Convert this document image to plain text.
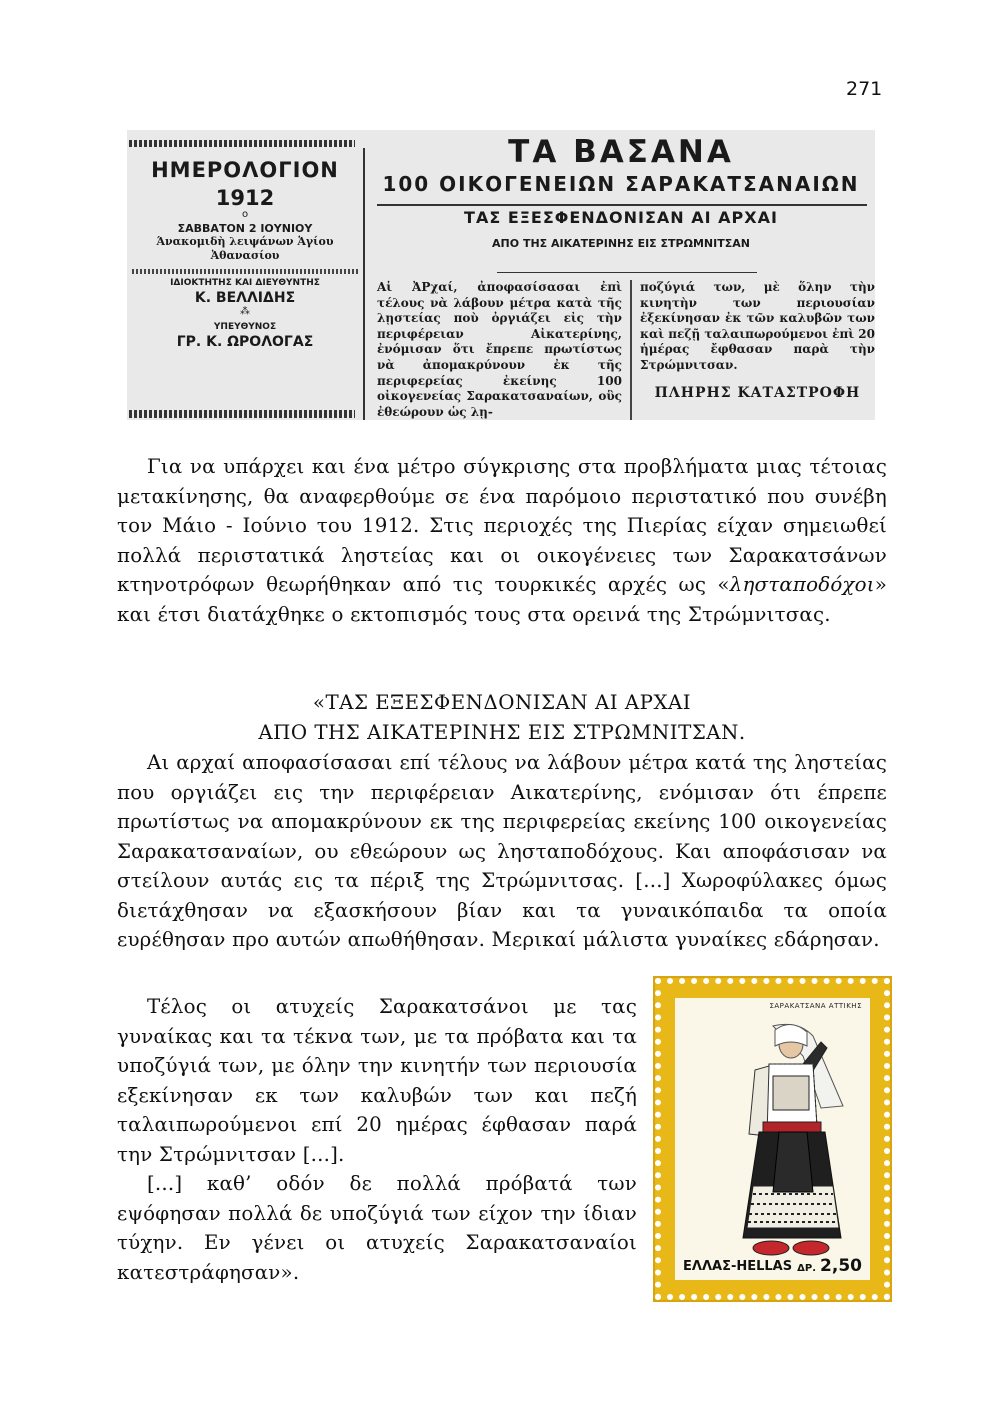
271
ΗΜΕΡΟΛΟΓΙΟΝ
1912
ο
ΣΑΒΒΑΤΟΝ 2 ΙΟΥΝΙΟΥ
Άνακομιδὴ λειψάνων Ἁγίου
Ἀθανασίου
ΙΔΙΟΚΤΗΤΗΣ ΚΑΙ ΔΙΕΥΘΥΝΤΗΣ
Κ. ΒΕΛΛΙΔΗΣ
⁂
ΥΠΕΥΘΥΝΟΣ
ΓΡ. Κ. ΩΡΟΛΟΓΑΣ
ΤΑ ΒΑΣΑΝΑ
100 ΟΙΚΟΓΕΝΕΙΩΝ ΣΑΡΑΚΑΤΣΑΝΑΙΩΝ
ΤΑΣ ΕΞΕΣΦΕΝΔΟΝΙΣΑΝ ΑΙ ΑΡΧΑΙ
ΑΠΟ ΤΗΣ ΑΙΚΑΤΕΡΙΝΗΣ ΕΙΣ ΣΤΡΩΜΝΙΤΣΑΝ
Αἱ ἈΡχαί, ἀποφασίσασαι ἐπὶ τέλους νὰ λάβουν μέτρα κατὰ τῆς λῃστείας ποὺ ὀργιάζει εἰς τὴν περιφέρειαν Αἰκατερίνης, ἐνόμισαν ὅτι ἔπρεπε πρωτίστως νὰ ἀπομακρύνουν ἐκ τῆς περιφερείας ἐκείνης 100 οἰκογενείας Σαρακατσαναίων, οὓς ἐθεώρουν ὡς λῃ-
ποζύγιά των, μὲ ὅλην τὴν κινητὴν των περιουσίαν ἐξεκίνησαν ἐκ τῶν καλυβῶν των καὶ πεζῇ ταλαιπωρούμενοι ἐπὶ 20 ἡμέρας ἔφθασαν παρὰ τὴν Στρώμνιτσαν.
ΠΛΗΡΗΣ ΚΑΤΑΣΤΡΟΦΗ

Για να υπάρχει και ένα μέτρο σύγκρισης στα προβλήματα μιας τέτοιας μετακίνησης, θα αναφερθούμε σε ένα παρόμοιο περιστατικό που συνέβη τον Μάιο - Ιούνιο του 1912. Στις περιοχές της Πιερίας είχαν σημειωθεί πολλά περιστατικά ληστείας και οι οικογένειες των Σαρακατσάνων κτηνοτρόφων θεωρήθηκαν από τις τουρκικές αρχές ως «λησταποδόχοι» και έτσι διατάχθηκε ο εκτοπισμός τους στα ορεινά της Στρώμνιτσας.

«ΤΑΣ ΕΞΕΣΦΕΝΔΟΝΙΣΑΝ ΑΙ ΑΡΧΑΙ
ΑΠΟ ΤΗΣ ΑΙΚΑΤΕΡΙΝΗΣ ΕΙΣ ΣΤΡΩΜΝΙΤΣΑΝ.

Αι αρχαί αποφασίσασαι επί τέλους να λάβουν μέτρα κατά της ληστείας που οργιάζει εις την περιφέρειαν Αικατερίνης, ενόμισαν ότι έπρεπε πρωτίστως να απομακρύνουν εκ της περιφερείας εκείνης 100 οικογενείας Σαρακατσαναίων, ου εθεώρουν ως λησταποδόχους. Και αποφάσισαν να στείλουν αυτάς εις τα πέριξ της Στρώμνιτσας. [...] Χωροφύλακες όμως διετάχθησαν να εξασκήσουν βίαν και τα γυναικόπαιδα τα οποία ευρέθησαν προ αυτών απωθήθησαν. Μερικαί μάλιστα γυναίκες εδάρησαν.

Τέλος οι ατυχείς Σαρακατσάνοι με τας γυναίκας και τα τέκνα των, με τα πρόβατα και τα υποζύγιά των, με όλην την κινητήν των περιουσία εξεκίνησαν εκ των καλυβών των και πεζή ταλαιπωρούμενοι επί 20 ημέρας έφθασαν παρά την Στρώμνιτσαν [...].

[...] καθ’ οδόν δε πολλά πρόβατά των εψόφησαν πολλά δε υποζύγιά των είχον την ίδιαν τύχην. Εν γένει οι ατυχείς Σαρακατσαναίοι κατεστράφησαν».

ΣΑΡΑΚΑΤΣΑΝΑ ΑΤΤΙΚΗΣ
ΕΛΛΑΣ-HELLAS ΔΡ. 2,50
